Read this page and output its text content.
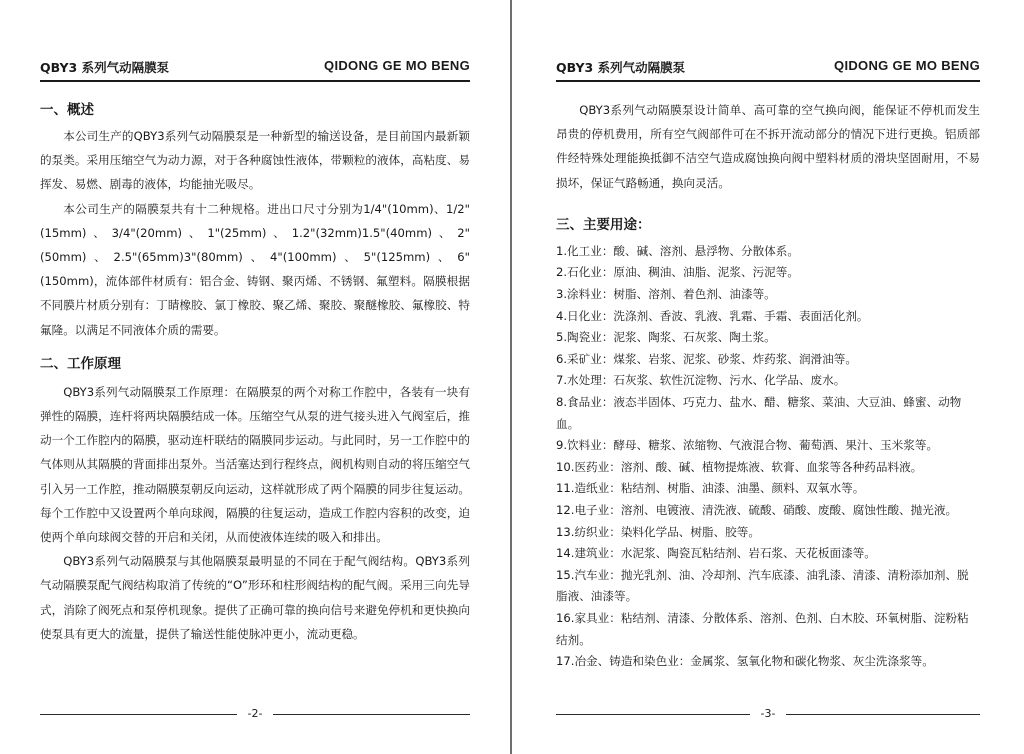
QBY3 系列气动隔膜泵	QIDONG GE MO BENG
一、概述

本公司生产的QBY3系列气动隔膜泵是一种新型的输送设备，是目前国内最新颖的泵类。采用压缩空气为动力源，对于各种腐蚀性液体，带颗粒的液体，高粘度、易挥发、易燃、剧毒的液体，均能抽光吸尽。

本公司生产的隔膜泵共有十二种规格。进出口尺寸分别为1/4"(10mm)、1/2"(15mm)、3/4"(20mm)、1"(25mm)、1.2"(32mm)1.5"(40mm)、2"(50mm)、2.5"(65mm)3"(80mm)、4"(100mm)、5"(125mm)、6"(150mm)，流体部件材质有：铝合金、铸钢、聚丙烯、不锈钢、氟塑料。隔膜根据不同膜片材质分别有：丁睛橡胶、氯丁橡胶、聚乙烯、聚胶、聚醚橡胶、氟橡胶、特氟隆。以满足不同液体介质的需要。

二、工作原理

QBY3系列气动隔膜泵工作原理：在隔膜泵的两个对称工作腔中，各装有一块有弹性的隔膜，连杆将两块隔膜结成一体。压缩空气从泵的进气接头进入气阀室后，推动一个工作腔内的隔膜，驱动连杆联结的隔膜同步运动。与此同时，另一工作腔中的气体则从其隔膜的背面排出泵外。当活塞达到行程终点，阀机构则自动的将压缩空气引入另一工作腔，推动隔膜泵朝反向运动，这样就形成了两个隔膜的同步往复运动。每个工作腔中又设置两个单向球阀，隔膜的往复运动，造成工作腔内容积的改变，迫使两个单向球阀交替的开启和关闭，从而使液体连续的吸入和排出。

QBY3系列气动隔膜泵与其他隔膜泵最明显的不同在于配气阀结构。QBY3系列气动隔膜泵配气阀结构取消了传统的“O”形环和柱形阀结构的配气阀。采用三向先导式，消除了阀死点和泵停机现象。提供了正确可靠的换向信号来避免停机和更快换向使泵具有更大的流量，提供了输送性能使脉冲更小，流动更稳。

-2-
QBY3 系列气动隔膜泵	QIDONG GE MO BENG

QBY3系列气动隔膜泵设计简单、高可靠的空气换向阀，能保证不停机而发生昂贵的停机费用，所有空气阀部件可在不拆开流动部分的情况下进行更换。铝质部件经特殊处理能换抵御不洁空气造成腐蚀换向阀中塑料材质的滑块坚固耐用，不易损坏，保证气路畅通，换向灵活。

三、主要用途：
1.化工业：酸、碱、溶剂、悬浮物、分散体系。
2.石化业：原油、稠油、油脂、泥浆、污泥等。
3.涂料业：树脂、溶剂、着色剂、油漆等。
4.日化业：洗涤剂、香波、乳液、乳霜、手霜、表面活化剂。
5.陶瓷业：泥浆、陶浆、石灰浆、陶土浆。
6.采矿业：煤浆、岩浆、泥浆、砂浆、炸药浆、润滑油等。
7.水处理：石灰浆、软性沉淀物、污水、化学品、废水。
8.食品业：液态半固体、巧克力、盐水、醋、糖浆、菜油、大豆油、蜂蜜、动物血。
9.饮料业：酵母、糖浆、浓缩物、气液混合物、葡萄酒、果汁、玉米浆等。
10.医药业：溶剂、酸、碱、植物提炼液、软膏、血浆等各种药品料液。
11.造纸业：粘结剂、树脂、油漆、油墨、颜料、双氧水等。
12.电子业：溶剂、电镀液、清洗液、硫酸、硝酸、废酸、腐蚀性酸、抛光液。
13.纺织业：染料化学品、树脂、胶等。
14.建筑业：水泥浆、陶瓷瓦粘结剂、岩石浆、天花板面漆等。
15.汽车业：抛光乳剂、油、冷却剂、汽车底漆、油乳漆、清漆、清粉添加剂、脱脂液、油漆等。
16.家具业：粘结剂、清漆、分散体系、溶剂、色剂、白木胶、环氧树脂、淀粉粘结剂。
17.冶金、铸造和染色业：金属浆、氢氧化物和碳化物浆、灰尘洗涤浆等。
-3-
